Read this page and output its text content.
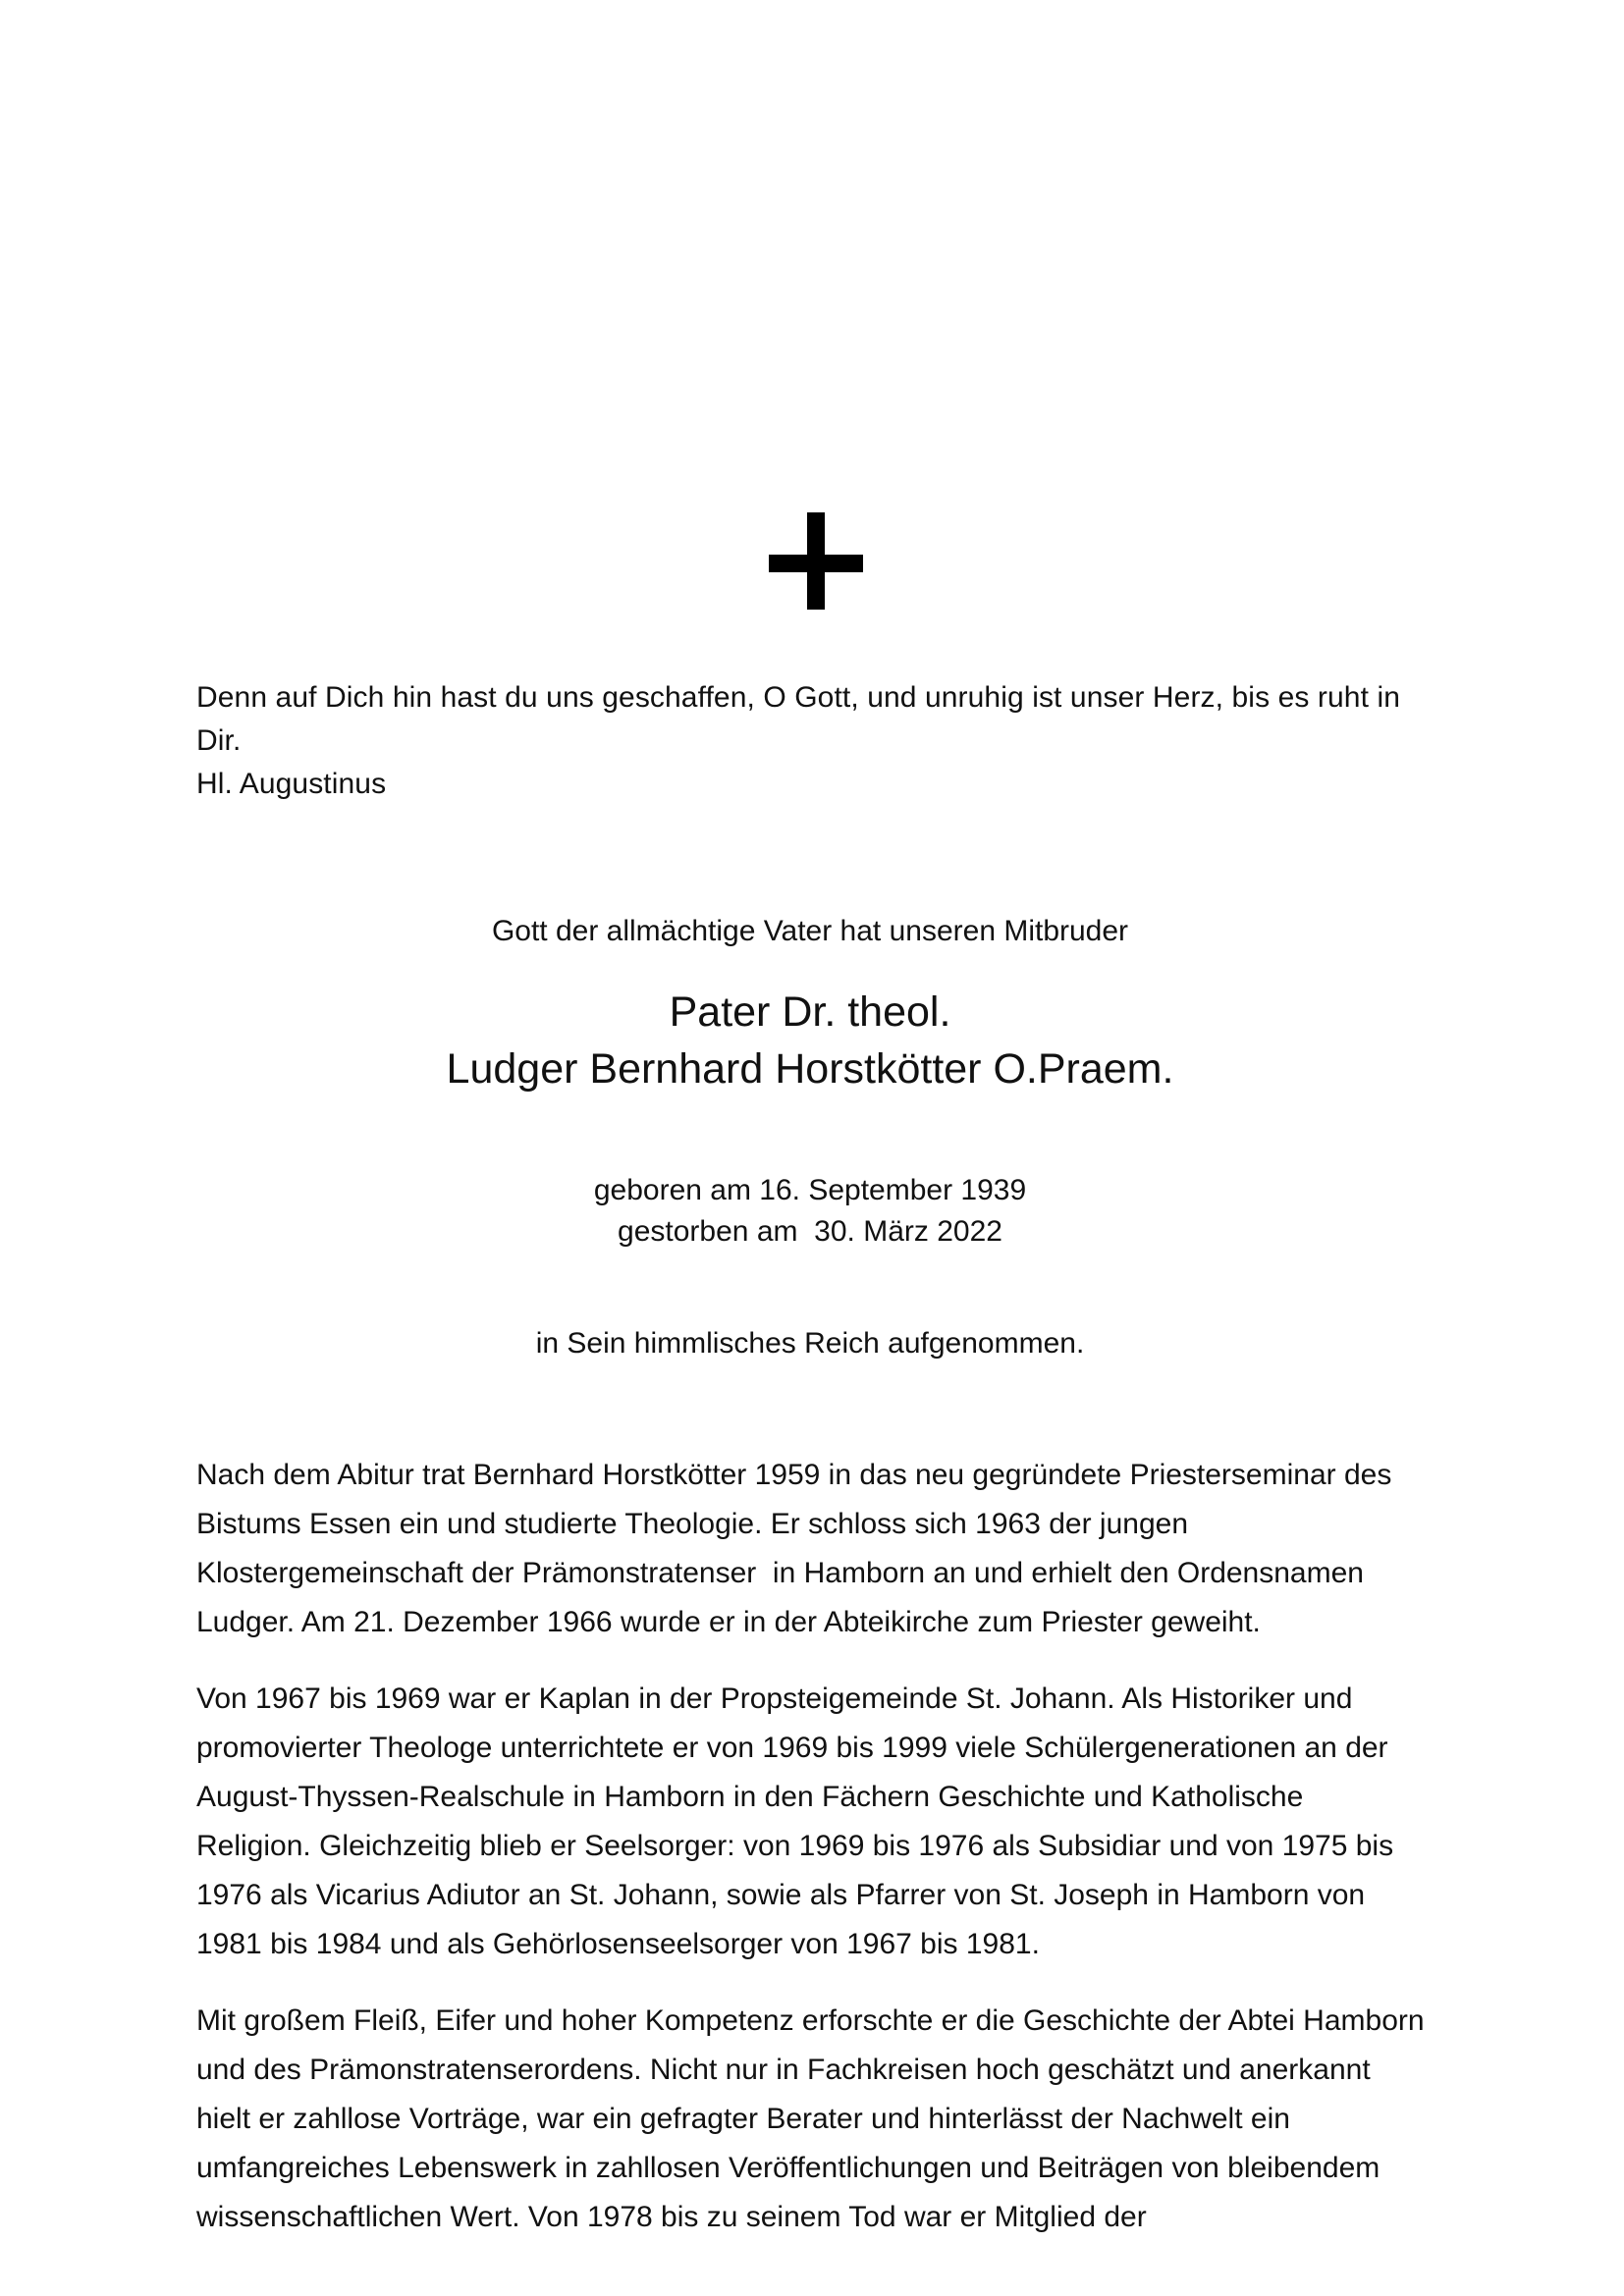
Denn auf Dich hin hast du uns geschaffen, O Gott, und unruhig ist unser Herz, bis es ruht in

Dir.

Hl. Augustinus

Gott der allmächtige Vater hat unseren Mitbruder

Pater Dr. theol.

Ludger Bernhard Horstkötter O.Praem.

geboren am 16. September 1939

gestorben am  30. März 2022

in Sein himmlisches Reich aufgenommen.

Nach dem Abitur trat Bernhard Horstkötter 1959 in das neu gegründete Priesterseminar des Bistums Essen ein und studierte Theologie. Er schloss sich 1963 der jungen Klostergemeinschaft der Prämonstratenser  in Hamborn an und erhielt den Ordensnamen Ludger. Am 21. Dezember 1966 wurde er in der Abteikirche zum Priester geweiht.

Von 1967 bis 1969 war er Kaplan in der Propsteigemeinde St. Johann. Als Historiker und promovierter Theologe unterrichtete er von 1969 bis 1999 viele Schülergenerationen an der August-Thyssen-Realschule in Hamborn in den Fächern Geschichte und Katholische Religion. Gleichzeitig blieb er Seelsorger: von 1969 bis 1976 als Subsidiar und von 1975 bis 1976 als Vicarius Adiutor an St. Johann, sowie als Pfarrer von St. Joseph in Hamborn von 1981 bis 1984 und als Gehörlosenseelsorger von 1967 bis 1981.

Mit großem Fleiß, Eifer und hoher Kompetenz erforschte er die Geschichte der Abtei Hamborn und des Prämonstratenserordens. Nicht nur in Fachkreisen hoch geschätzt und anerkannt hielt er zahllose Vorträge, war ein gefragter Berater und hinterlässt der Nachwelt ein umfangreiches Lebenswerk in zahllosen Veröffentlichungen und Beiträgen von bleibendem wissenschaftlichen Wert. Von 1978 bis zu seinem Tod war er Mitglied der
